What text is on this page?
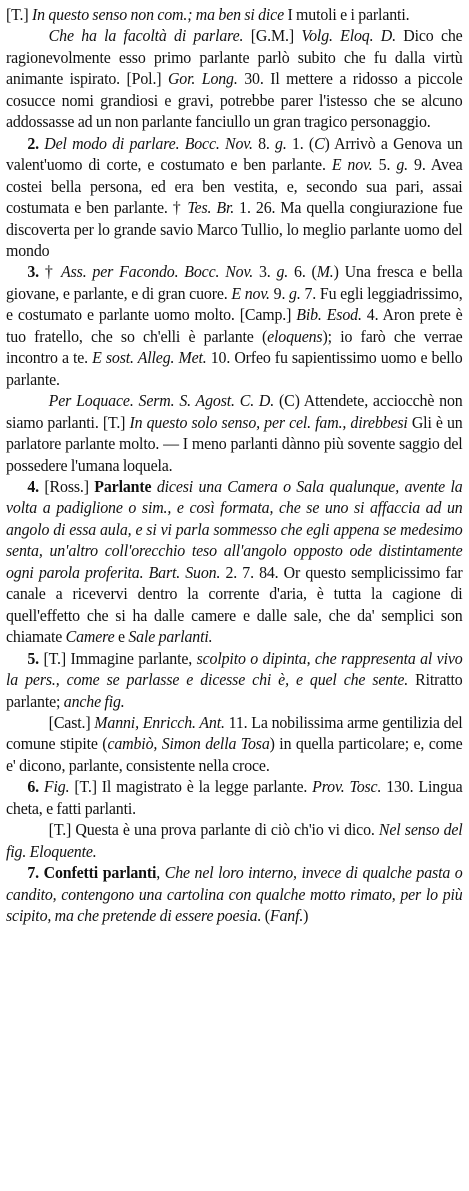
[T.] In questo senso non com.; ma ben si dice I mutoli e i parlanti.

Che ha la facoltà di parlare. [G.M.] Volg. Eloq. D. Dico che ragionevolmente esso primo parlante parlò subito che fu dalla virtù animante ispirato. [Pol.] Gor. Long. 30. Il mettere a ridosso a piccole cosucce nomi grandiosi e gravi, potrebbe parer l'istesso che se alcuno addossasse ad un non parlante fanciullo un gran tragico personaggio.

2. Del modo di parlare. Bocc. Nov. 8. g. 1. (C) Arrivò a Genova un valent'uomo di corte, e costumato e ben parlante. E nov. 5. g. 9. Avea costei bella persona, ed era ben vestita, e, secondo sua pari, assai costumata e ben parlante. † Tes. Br. 1. 26. Ma quella congiurazione fue discoverta per lo grande savio Marco Tullio, lo meglio parlante uomo del mondo

3. † Ass. per Facondo. Bocc. Nov. 3. g. 6. (M.) Una fresca e bella giovane, e parlante, e di gran cuore. E nov. 9. g. 7. Fu egli leggiadrissimo, e costumato e parlante uomo molto. [Camp.] Bib. Esod. 4. Aron prete è tuo fratello, che so ch'elli è parlante (eloquens); io farò che verrae incontro a te. E sost. Alleg. Met. 10. Orfeo fu sapientissimo uomo e bello parlante.

Per Loquace. Serm. S. Agost. C. D. (C) Attendete, acciocchè non siamo parlanti. [T.] In questo solo senso, per cel. fam., direbbesi Gli è un parlatore parlante molto. — I meno parlanti dànno più sovente saggio del possedere l'umana loquela.

4. [Ross.] Parlante dicesi una Camera o Sala qualunque, avente la volta a padiglione o sim., e così formata, che se uno si affaccia ad un angolo di essa aula, e si vi parla sommesso che egli appena se medesimo senta, un'altro coll'orecchio teso all'angolo opposto ode distintamente ogni parola proferita. Bart. Suon. 2. 7. 84. Or questo semplicissimo far canale a ricevervi dentro la corrente d'aria, è tutta la cagione di quell'effetto che si ha dalle camere e dalle sale, che da' semplici son chiamate Camere e Sale parlanti.

5. [T.] Immagine parlante, scolpito o dipinta, che rappresenta al vivo la pers., come se parlasse e dicesse chi è, e quel che sente. Ritratto parlante; anche fig.

[Cast.] Manni, Enricch. Ant. 11. La nobilissima arme gentilizia del comune stipite (cambiò, Simon della Tosa) in quella particolare; e, come e' dicono, parlante, consistente nella croce.

6. Fig. [T.] Il magistrato è la legge parlante. Prov. Tosc. 130. Lingua cheta, e fatti parlanti.

[T.] Questa è una prova parlante di ciò ch'io vi dico. Nel senso del fig. Eloquente.

7. Confetti parlanti, Che nel loro interno, invece di qualche pasta o candito, contengono una cartolina con qualche motto rimato, per lo più scipito, ma che pretende di essere poesia. (Fanf.)
